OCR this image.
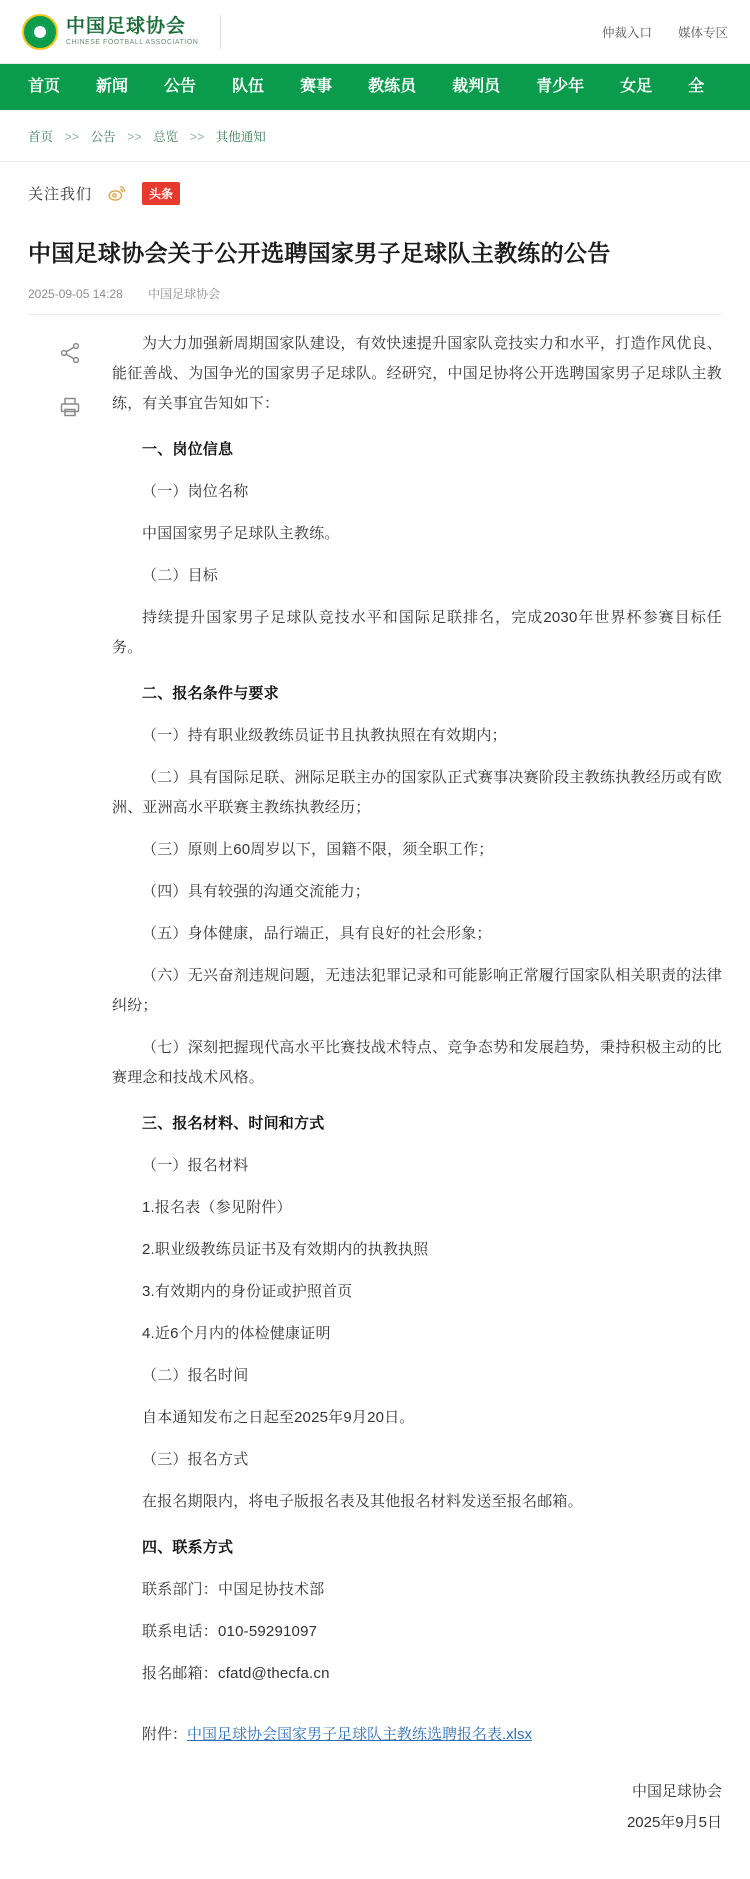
中国足球协会
CHINESE FOOTBALL ASSOCIATION
仲裁入口 媒体专区
首页	新闻	公告	队伍	赛事	教练员	裁判员	青少年	女足	全
首页 >> 公告 >> 总览 >> 其他通知
关注我们	头条
中国足球协会关于公开选聘国家男子足球队主教练的公告
2025-09-05 14:28 中国足球协会

为大力加强新周期国家队建设，有效快速提升国家队竞技实力和水平，打造作风优良、能征善战、为国争光的国家男子足球队。经研究，中国足协将公开选聘国家男子足球队主教练，有关事宜告知如下：

一、岗位信息

（一）岗位名称

中国国家男子足球队主教练。

（二）目标

持续提升国家男子足球队竞技水平和国际足联排名，完成2030年世界杯参赛目标任务。

二、报名条件与要求

（一）持有职业级教练员证书且执教执照在有效期内；

（二）具有国际足联、洲际足联主办的国家队正式赛事决赛阶段主教练执教经历或有欧洲、亚洲高水平联赛主教练执教经历；

（三）原则上60周岁以下，国籍不限，须全职工作；

（四）具有较强的沟通交流能力；

（五）身体健康，品行端正，具有良好的社会形象；

（六）无兴奋剂违规问题，无违法犯罪记录和可能影响正常履行国家队相关职责的法律纠纷；

（七）深刻把握现代高水平比赛技战术特点、竞争态势和发展趋势，秉持积极主动的比赛理念和技战术风格。

三、报名材料、时间和方式

（一）报名材料

1.报名表（参见附件）

2.职业级教练员证书及有效期内的执教执照

3.有效期内的身份证或护照首页

4.近6个月内的体检健康证明

（二）报名时间

自本通知发布之日起至2025年9月20日。

（三）报名方式

在报名期限内，将电子版报名表及其他报名材料发送至报名邮箱。

四、联系方式

联系部门：中国足协技术部

联系电话：010-59291097

报名邮箱：cfatd@thecfa.cn

附件：中国足球协会国家男子足球队主教练选聘报名表.xlsx
中国足球协会
2025年9月5日
